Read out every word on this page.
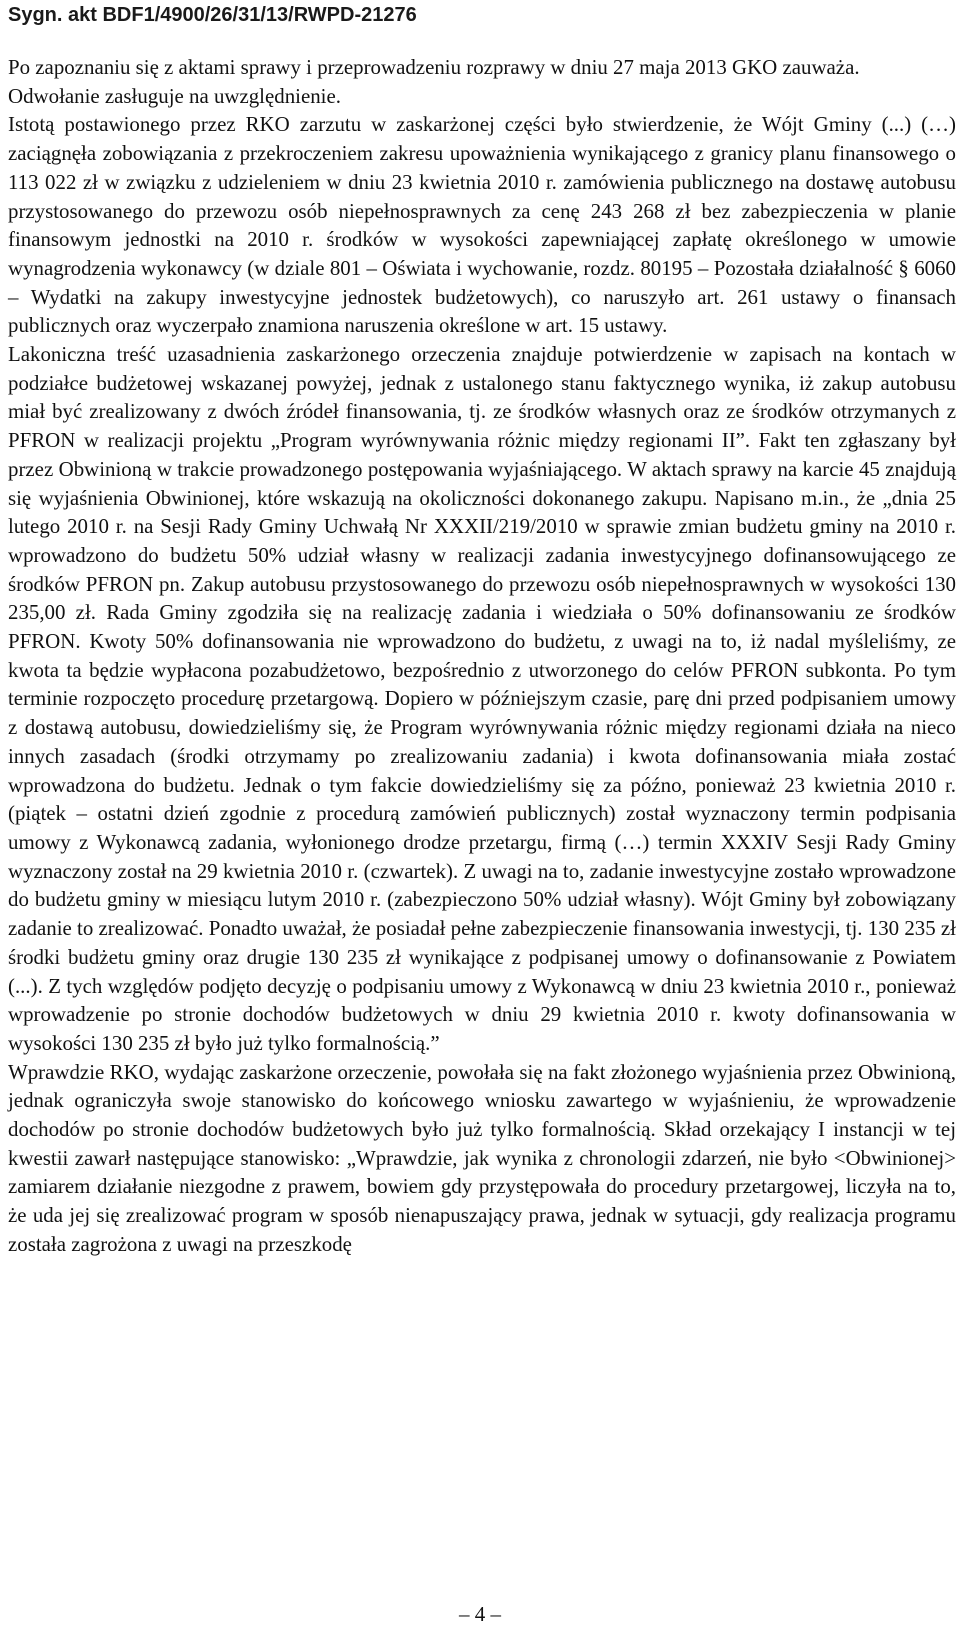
Sygn. akt BDF1/4900/26/31/13/RWPD-21276

Po zapoznaniu się z aktami sprawy i przeprowadzeniu rozprawy w dniu 27 maja 2013 GKO zauważa.

Odwołanie zasługuje na uwzględnienie.

Istotą postawionego przez RKO zarzutu w zaskarżonej części było stwierdzenie, że Wójt Gminy (...) (…) zaciągnęła zobowiązania z przekroczeniem zakresu upoważnienia wynikającego z granicy planu finansowego o 113 022 zł w związku z udzieleniem w dniu 23 kwietnia 2010 r. zamówienia publicznego na dostawę autobusu przystosowanego do przewozu osób niepełnosprawnych za cenę 243 268 zł bez zabezpieczenia w planie finansowym jednostki na 2010 r. środków w wysokości zapewniającej zapłatę określonego w umowie wynagrodzenia wykonawcy (w dziale 801 – Oświata i wychowanie, rozdz. 80195 – Pozostała działalność § 6060 – Wydatki na zakupy inwestycyjne jednostek budżetowych), co naruszyło art. 261 ustawy o finansach publicznych oraz wyczerpało znamiona naruszenia określone w art. 15 ustawy.

Lakoniczna treść uzasadnienia zaskarżonego orzeczenia znajduje potwierdzenie w zapisach na kontach w podziałce budżetowej wskazanej powyżej, jednak z ustalonego stanu faktycznego wynika, iż zakup autobusu miał być zrealizowany z dwóch źródeł finansowania, tj. ze środków własnych oraz ze środków otrzymanych z PFRON w realizacji projektu „Program wyrównywania różnic między regionami II”. Fakt ten zgłaszany był przez Obwinioną w trakcie prowadzonego postępowania wyjaśniającego. W aktach sprawy na karcie 45 znajdują się wyjaśnienia Obwinionej, które wskazują na okoliczności dokonanego zakupu. Napisano m.in., że „dnia 25 lutego 2010 r. na Sesji Rady Gminy Uchwałą Nr XXXII/219/2010 w sprawie zmian budżetu gminy na 2010 r. wprowadzono do budżetu 50% udział własny w realizacji zadania inwestycyjnego dofinansowującego ze środków PFRON pn. Zakup autobusu przystosowanego do przewozu osób niepełnosprawnych w wysokości 130 235,00 zł. Rada Gminy zgodziła się na realizację zadania i wiedziała o 50% dofinansowaniu ze środków PFRON. Kwoty 50% dofinansowania nie wprowadzono do budżetu, z uwagi na to, iż nadal myśleliśmy, ze kwota ta będzie wypłacona pozabudżetowo, bezpośrednio z utworzonego do celów PFRON subkonta. Po tym terminie rozpoczęto procedurę przetargową. Dopiero w późniejszym czasie, parę dni przed podpisaniem umowy z dostawą autobusu, dowiedzieliśmy się, że Program wyrównywania różnic między regionami działa na nieco innych zasadach (środki otrzymamy po zrealizowaniu zadania) i kwota dofinansowania miała zostać wprowadzona do budżetu. Jednak o tym fakcie dowiedzieliśmy się za późno, ponieważ 23 kwietnia 2010 r. (piątek – ostatni dzień zgodnie z procedurą zamówień publicznych) został wyznaczony termin podpisania umowy z Wykonawcą zadania, wyłonionego drodze przetargu, firmą (…) termin XXXIV Sesji Rady Gminy wyznaczony został na 29 kwietnia 2010 r. (czwartek). Z uwagi na to, zadanie inwestycyjne zostało wprowadzone do budżetu gminy w miesiącu lutym 2010 r. (zabezpieczono 50% udział własny). Wójt Gminy był zobowiązany zadanie to zrealizować. Ponadto uważał, że posiadał pełne zabezpieczenie finansowania inwestycji, tj. 130 235 zł środki budżetu gminy oraz drugie 130 235 zł wynikające z podpisanej umowy o dofinansowanie z Powiatem (...). Z tych względów podjęto decyzję o podpisaniu umowy z Wykonawcą w dniu 23 kwietnia 2010 r., ponieważ wprowadzenie po stronie dochodów budżetowych w dniu 29 kwietnia 2010 r. kwoty dofinansowania w wysokości 130 235 zł było już tylko formalnością.”

Wprawdzie RKO, wydając zaskarżone orzeczenie, powołała się na fakt złożonego wyjaśnienia przez Obwinioną, jednak ograniczyła swoje stanowisko do końcowego wniosku zawartego w wyjaśnieniu, że wprowadzenie dochodów po stronie dochodów budżetowych było już tylko formalnością. Skład orzekający I instancji w tej kwestii zawarł następujące stanowisko: „Wprawdzie, jak wynika z chronologii zdarzeń, nie było <Obwinionej> zamiarem działanie niezgodne z prawem, bowiem gdy przystępowała do procedury przetargowej, liczyła na to, że uda jej się zrealizować program w sposób nienapuszający prawa, jednak w sytuacji, gdy realizacja programu została zagrożona z uwagi na przeszkodę

– 4 –
